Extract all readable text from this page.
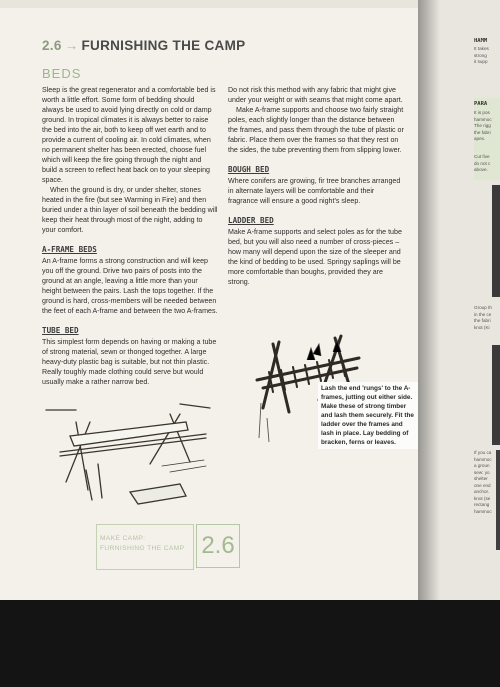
2.6 → FURNISHING THE CAMP
BEDS

Sleep is the great regenerator and a comfortable bed is worth a little effort. Some form of bedding should always be used to avoid lying directly on cold or damp ground. In tropical climates it is always better to raise the bed into the air, both to keep off wet earth and to provide a current of cooling air. In cold climates, when no permanent shelter has been erected, choose fuel which will keep the fire going through the night and build a screen to reflect heat back on to your sleeping space.

When the ground is dry, or under shelter, stones heated in the fire (but see Warming in Fire) and then buried under a thin layer of soil beneath the bedding will keep their heat through most of the night, adding to your comfort.

A-FRAME BEDS

An A-frame forms a strong construction and will keep you off the ground. Drive two pairs of posts into the ground at an angle, leaving a little more than your height between the pairs. Lash the tops together. If the ground is hard, cross-members will be needed between the feet of each A-frame and between the two A-frames.

TUBE BED

This simplest form depends on having or making a tube of strong material, sewn or thonged together. A large heavy-duty plastic bag is suitable, but not thin plastic. Really toughly made clothing could serve but would usually make a rather narrow bed.

Do not risk this method with any fabric that might give under your weight or with seams that might come apart.

Make A-frame supports and choose two fairly straight poles, each slightly longer than the distance between the frames, and pass them through the tube of plastic or fabric. Place them over the frames so that they rest on the sides, the tube preventing them from slipping lower.

BOUGH BED

Where conifers are growing, fir tree branches arranged in alternate layers will be comfortable and their fragrance will ensure a good night's sleep.

LADDER BED

Make A-frame supports and select poles as for the tube bed, but you will also need a number of cross-pieces – how many will depend upon the size of the sleeper and the kind of bedding to be used. Springy saplings will be more comfortable than boughs, provided they are strong.

Lash the end 'rungs' to the A-frames, jutting out either side. Make these of strong timber and lash them securely. Fit the ladder over the frames and lash in place. Lay bedding of bracken, ferns or leaves.
MAKE CAMP:
FURNISHING THE CAMP 2.6
HAMM
It takes
strong
it supp
PARA
It is pos
hammoc
The rigg
the fabri
apex.
Cut five
do not c
above.
Group th
in the ce
the fabri
knot (Ki
If you ca
hammoc
a groun
sew: yo
shelter
one end
anchor.
knot (se
rectang
hammoc
